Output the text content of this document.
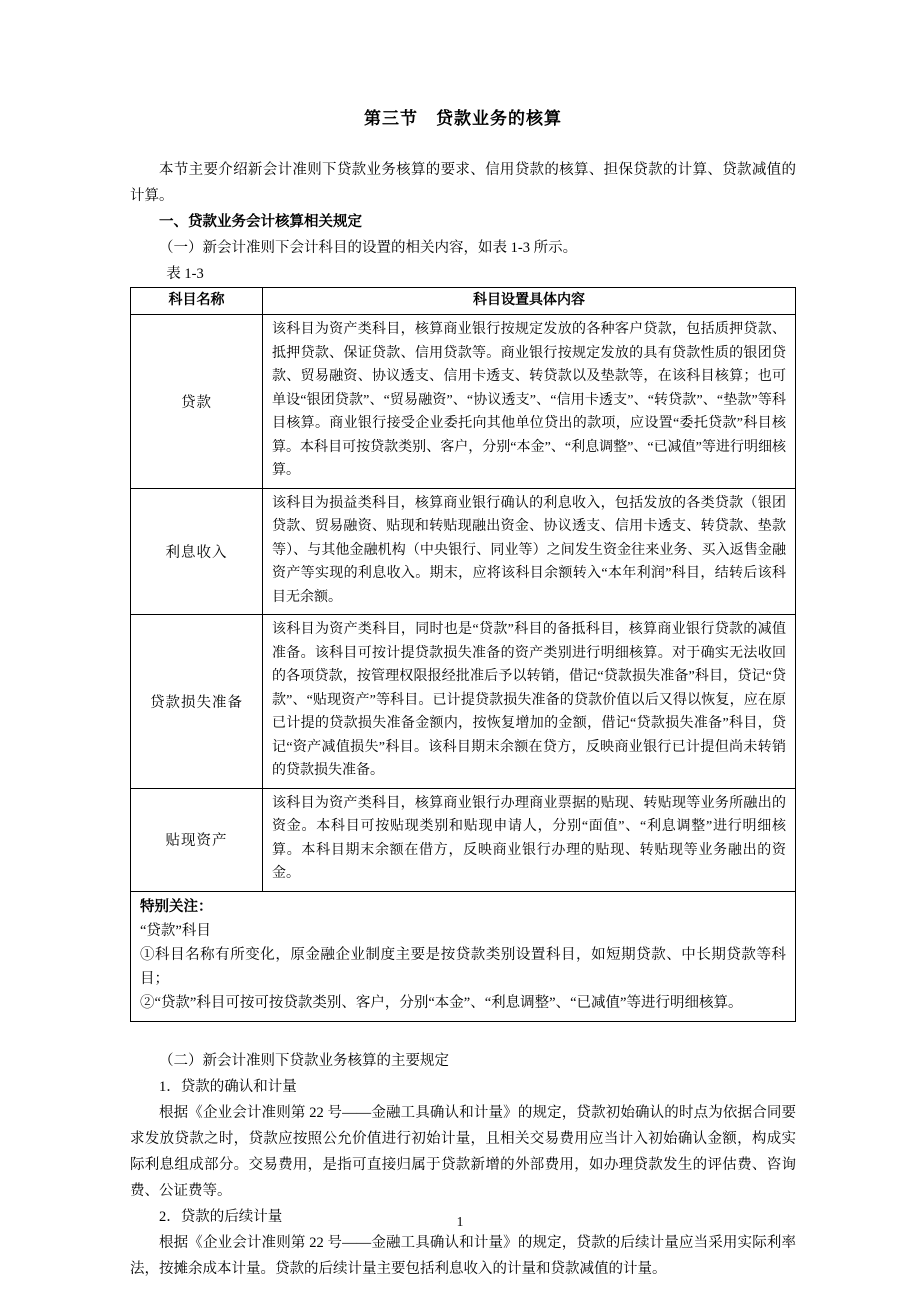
第三节　贷款业务的核算

本节主要介绍新会计准则下贷款业务核算的要求、信用贷款的核算、担保贷款的计算、贷款减值的计算。

一、贷款业务会计核算相关规定

（一）新会计准则下会计科目的设置的相关内容，如表 1-3 所示。

表 1-3

科目名称	科目设置具体内容
贷款	该科目为资产类科目，核算商业银行按规定发放的各种客户贷款，包括质押贷款、抵押贷款、保证贷款、信用贷款等。商业银行按规定发放的具有贷款性质的银团贷款、贸易融资、协议透支、信用卡透支、转贷款以及垫款等，在该科目核算；也可单设“银团贷款”、“贸易融资”、“协议透支”、“信用卡透支”、“转贷款”、“垫款”等科目核算。商业银行接受企业委托向其他单位贷出的款项，应设置“委托贷款”科目核算。本科目可按贷款类别、客户，分别“本金”、“利息调整”、“已减值”等进行明细核算。
利息收入	该科目为损益类科目，核算商业银行确认的利息收入，包括发放的各类贷款（银团贷款、贸易融资、贴现和转贴现融出资金、协议透支、信用卡透支、转贷款、垫款等）、与其他金融机构（中央银行、同业等）之间发生资金往来业务、买入返售金融资产等实现的利息收入。期末，应将该科目余额转入“本年利润”科目，结转后该科目无余额。
贷款损失准备	该科目为资产类科目，同时也是“贷款”科目的备抵科目，核算商业银行贷款的减值准备。该科目可按计提贷款损失准备的资产类别进行明细核算。对于确实无法收回的各项贷款，按管理权限报经批准后予以转销，借记“贷款损失准备”科目，贷记“贷款”、“贴现资产”等科目。已计提贷款损失准备的贷款价值以后又得以恢复，应在原已计提的贷款损失准备金额内，按恢复增加的金额，借记“贷款损失准备”科目，贷记“资产减值损失”科目。该科目期末余额在贷方，反映商业银行已计提但尚未转销的贷款损失准备。
贴现资产	该科目为资产类科目，核算商业银行办理商业票据的贴现、转贴现等业务所融出的资金。本科目可按贴现类别和贴现申请人，分别“面值”、“利息调整”进行明细核算。本科目期末余额在借方，反映商业银行办理的贴现、转贴现等业务融出的资金。

特别关注：
“贷款”科目
①科目名称有所变化，原金融企业制度主要是按贷款类别设置科目，如短期贷款、中长期贷款等科目；
②“贷款”科目可按可按贷款类别、客户，分别“本金”、“利息调整”、“已减值”等进行明细核算。	

（二）新会计准则下贷款业务核算的主要规定

1．贷款的确认和计量

根据《企业会计准则第 22 号——金融工具确认和计量》的规定，贷款初始确认的时点为依据合同要求发放贷款之时，贷款应按照公允价值进行初始计量，且相关交易费用应当计入初始确认金额，构成实际利息组成部分。交易费用，是指可直接归属于贷款新增的外部费用，如办理贷款发生的评估费、咨询费、公证费等。

2．贷款的后续计量

根据《企业会计准则第 22 号——金融工具确认和计量》的规定，贷款的后续计量应当采用实际利率法，按摊余成本计量。贷款的后续计量主要包括利息收入的计量和贷款减值的计量。

1
